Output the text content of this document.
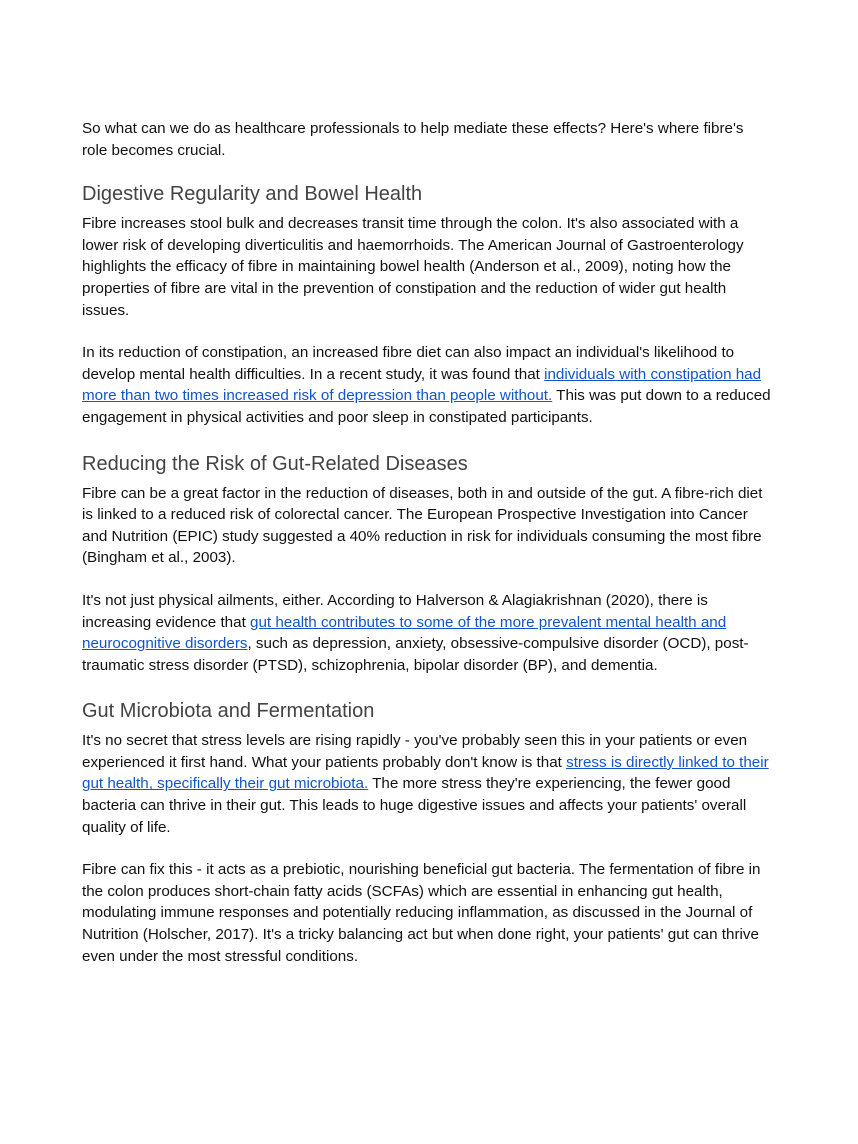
So what can we do as healthcare professionals to help mediate these effects? Here's where fibre's role becomes crucial.

Digestive Regularity and Bowel Health

Fibre increases stool bulk and decreases transit time through the colon. It's also associated with a lower risk of developing diverticulitis and haemorrhoids. The American Journal of Gastroenterology highlights the efficacy of fibre in maintaining bowel health (Anderson et al., 2009), noting how the properties of fibre are vital in the prevention of constipation and the reduction of wider gut health issues.

In its reduction of constipation, an increased fibre diet can also impact an individual's likelihood to develop mental health difficulties. In a recent study, it was found that individuals with constipation had more than two times increased risk of depression than people without. This was put down to a reduced engagement in physical activities and poor sleep in constipated participants.

Reducing the Risk of Gut-Related Diseases

Fibre can be a great factor in the reduction of diseases, both in and outside of the gut. A fibre-rich diet is linked to a reduced risk of colorectal cancer. The European Prospective Investigation into Cancer and Nutrition (EPIC) study suggested a 40% reduction in risk for individuals consuming the most fibre (Bingham et al., 2003).

It's not just physical ailments, either. According to Halverson & Alagiakrishnan (2020), there is increasing evidence that gut health contributes to some of the more prevalent mental health and neurocognitive disorders, such as depression, anxiety, obsessive-compulsive disorder (OCD), post-traumatic stress disorder (PTSD), schizophrenia, bipolar disorder (BP), and dementia.

Gut Microbiota and Fermentation

It's no secret that stress levels are rising rapidly - you've probably seen this in your patients or even experienced it first hand. What your patients probably don't know is that stress is directly linked to their gut health, specifically their gut microbiota. The more stress they're experiencing, the fewer good bacteria can thrive in their gut. This leads to huge digestive issues and affects your patients' overall quality of life.

Fibre can fix this - it acts as a prebiotic, nourishing beneficial gut bacteria. The fermentation of fibre in the colon produces short-chain fatty acids (SCFAs) which are essential in enhancing gut health, modulating immune responses and potentially reducing inflammation, as discussed in the Journal of Nutrition (Holscher, 2017). It's a tricky balancing act but when done right, your patients' gut can thrive even under the most stressful conditions.
